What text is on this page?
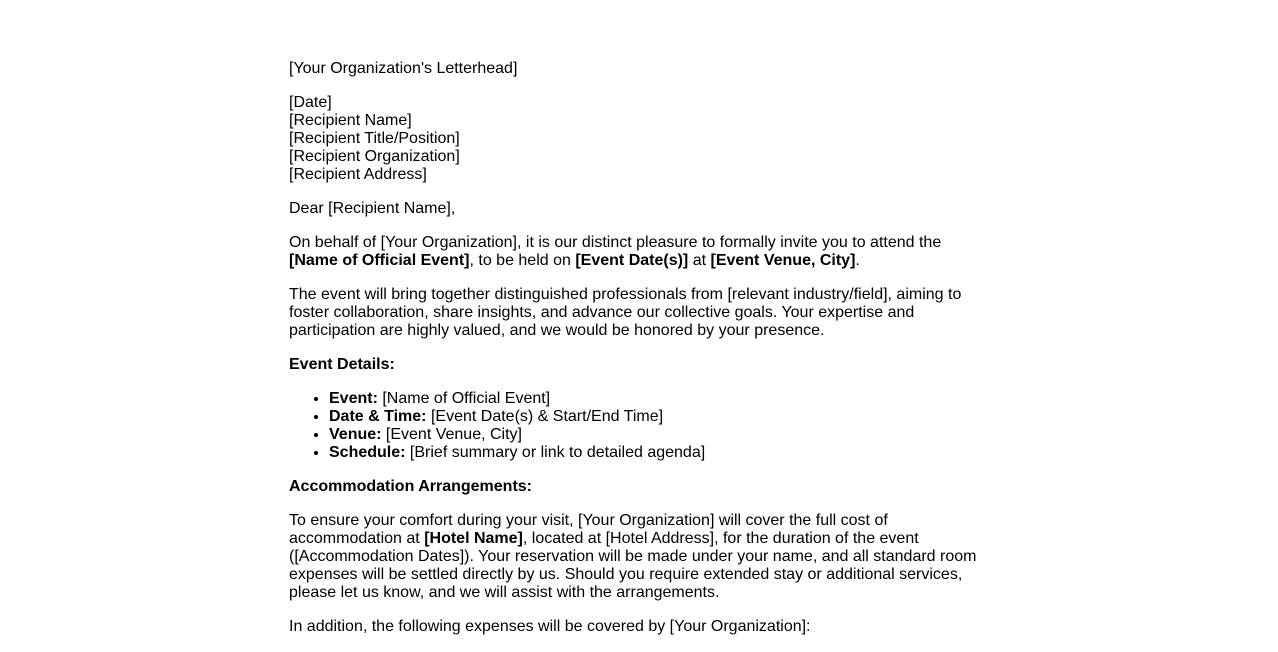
[Your Organization's Letterhead]

[Date]
[Recipient Name]
[Recipient Title/Position]
[Recipient Organization]
[Recipient Address]

Dear [Recipient Name],

On behalf of [Your Organization], it is our distinct pleasure to formally invite you to attend the [Name of Official Event], to be held on [Event Date(s)] at [Event Venue, City].

The event will bring together distinguished professionals from [relevant industry/field], aiming to foster collaboration, share insights, and advance our collective goals. Your expertise and participation are highly valued, and we would be honored by your presence.

Event Details:
• Event: [Name of Official Event]
• Date & Time: [Event Date(s) & Start/End Time]
• Venue: [Event Venue, City]
• Schedule: [Brief summary or link to detailed agenda]
Accommodation Arrangements:

To ensure your comfort during your visit, [Your Organization] will cover the full cost of accommodation at [Hotel Name], located at [Hotel Address], for the duration of the event ([Accommodation Dates]). Your reservation will be made under your name, and all standard room expenses will be settled directly by us. Should you require extended stay or additional services, please let us know, and we will assist with the arrangements.

In addition, the following expenses will be covered by [Your Organization]:
